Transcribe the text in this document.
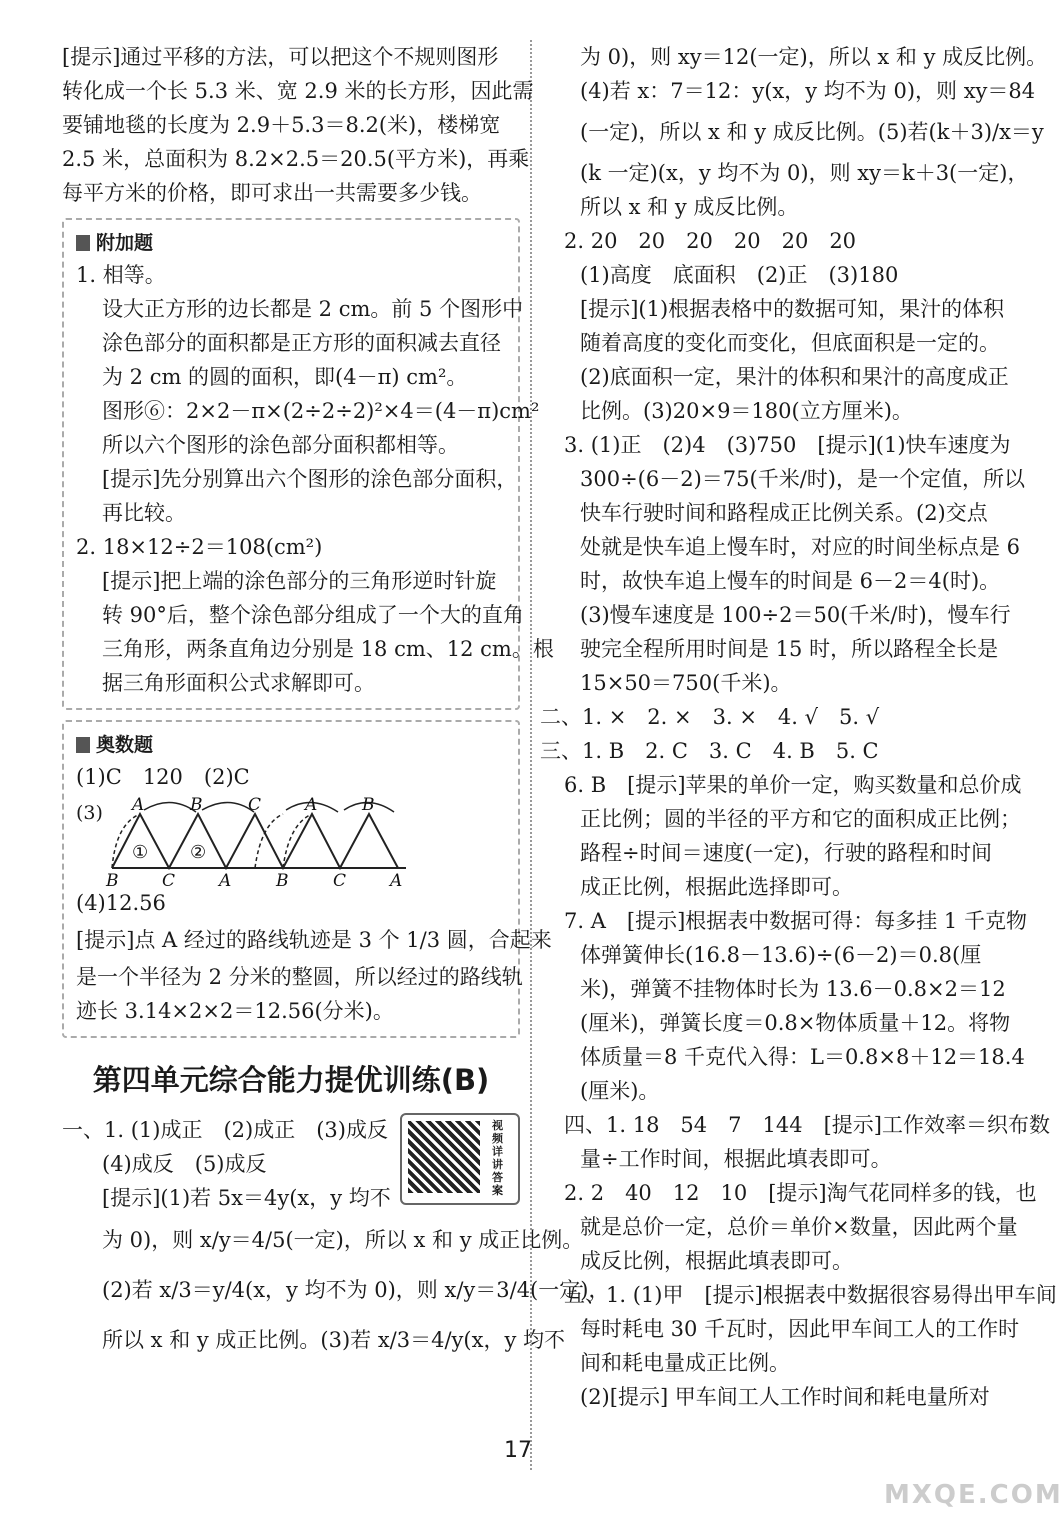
[提示]通过平移的方法，可以把这个不规则图形
转化成一个长 5.3 米、宽 2.9 米的长方形，因此需
要铺地毯的长度为 2.9＋5.3＝8.2(米)，楼梯宽
2.5 米，总面积为 8.2×2.5＝20.5(平方米)，再乘
每平方米的价格，即可求出一共需要多少钱。
附加题
1. 相等。
设大正方形的边长都是 2 cm。前 5 个图形中
涂色部分的面积都是正方形的面积减去直径
为 2 cm 的圆的面积，即(4－π) cm²。
图形⑥：2×2－π×(2÷2÷2)²×4＝(4－π)cm²
所以六个图形的涂色部分面积都相等。
[提示]先分别算出六个图形的涂色部分面积，
再比较。
2. 18×12÷2＝108(cm²)
[提示]把上端的涂色部分的三角形逆时针旋
转 90°后，整个涂色部分组成了一个大的直角
三角形，两条直角边分别是 18 cm、12 cm。根
据三角形面积公式求解即可。
奥数题
(1)C　120　(2)C
(3) A	B	C	A	B
B	C	A	B	C	A
① ②
(4)12.56
[提示]点 A 经过的路线轨迹是 3 个 1/3 圆，合起来
是一个半径为 2 分米的整圆，所以经过的路线轨
迹长 3.14×2×2＝12.56(分米)。
第四单元综合能力提优训练(B)
视频详讲答案
一、1. (1)成正　(2)成正　(3)成反
(4)成反　(5)成反
[提示](1)若 5x＝4y(x，y 均不
为 0)，则 x/y＝4/5(一定)，所以 x 和 y 成正比例。
(2)若 x/3＝y/4(x，y 均不为 0)，则 x/y＝3/4(一定)，
所以 x 和 y 成正比例。(3)若 x/3＝4/y(x，y 均不
为 0)，则 xy＝12(一定)，所以 x 和 y 成反比例。
(4)若 x：7＝12：y(x，y 均不为 0)，则 xy＝84
(一定)，所以 x 和 y 成反比例。(5)若(k＋3)/x＝y
(k 一定)(x，y 均不为 0)，则 xy＝k＋3(一定)，
所以 x 和 y 成反比例。
2. 20　20　20　20　20　20
(1)高度　底面积　(2)正　(3)180
[提示](1)根据表格中的数据可知，果汁的体积
随着高度的变化而变化，但底面积是一定的。
(2)底面积一定，果汁的体积和果汁的高度成正
比例。(3)20×9＝180(立方厘米)。
3. (1)正　(2)4　(3)750　[提示](1)快车速度为
300÷(6－2)＝75(千米/时)，是一个定值，所以
快车行驶时间和路程成正比例关系。(2)交点
处就是快车追上慢车时，对应的时间坐标点是 6
时，故快车追上慢车的时间是 6－2＝4(时)。
(3)慢车速度是 100÷2＝50(千米/时)，慢车行
驶完全程所用时间是 15 时，所以路程全长是
15×50＝750(千米)。
二、1. ×　2. ×　3. ×　4. √　5. √
三、1. B　2. C　3. C　4. B　5. C
6. B　[提示]苹果的单价一定，购买数量和总价成
正比例；圆的半径的平方和它的面积成正比例；
路程÷时间＝速度(一定)，行驶的路程和时间
成正比例，根据此选择即可。
7. A　[提示]根据表中数据可得：每多挂 1 千克物
体弹簧伸长(16.8－13.6)÷(6－2)＝0.8(厘
米)，弹簧不挂物体时长为 13.6－0.8×2＝12
(厘米)，弹簧长度＝0.8×物体质量＋12。将物
体质量＝8 千克代入得：L＝0.8×8＋12＝18.4
(厘米)。
四、1. 18　54　7　144　[提示]工作效率＝织布数
量÷工作时间，根据此填表即可。
2. 2　40　12　10　[提示]淘气花同样多的钱，也
就是总价一定，总价＝单价×数量，因此两个量
成反比例，根据此填表即可。
五、1. (1)甲　[提示]根据表中数据很容易得出甲车间
每时耗电 30 千瓦时，因此甲车间工人的工作时
间和耗电量成正比例。
(2)[提示] 甲车间工人工作时间和耗电量所对
17
MXQE.COM
